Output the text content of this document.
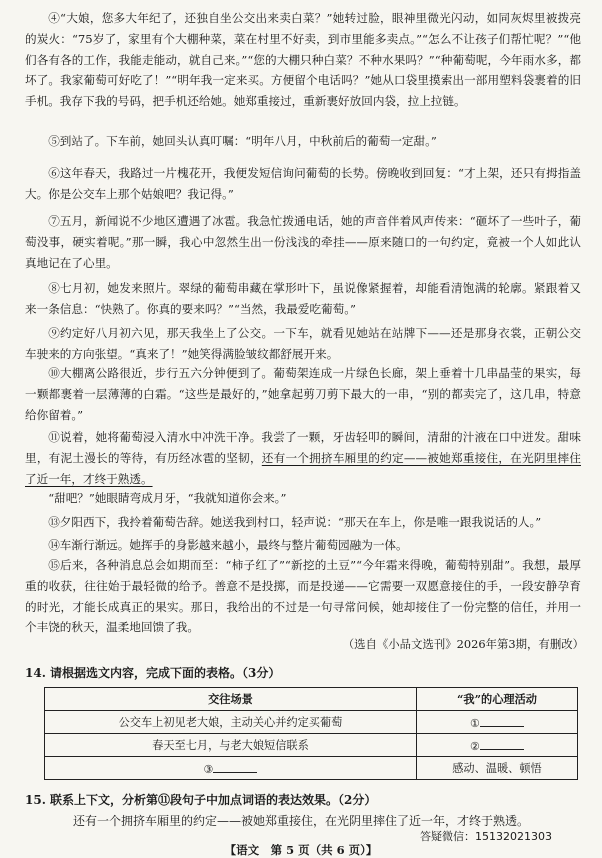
④“大娘，您多大年纪了，还独自坐公交出来卖白菜？”她转过脸，眼神里微光闪动，如同灰烬里被拨亮的炭火：“75岁了，家里有个大棚种菜，菜在村里不好卖，到市里能多卖点。”“怎么不让孩子们帮忙呢？”“他们各有各的工作，我能走能动，就自己来。”“您的大棚只种白菜？不种水果吗？”“种葡萄呢，今年雨水多，都坏了。我家葡萄可好吃了！”“明年我一定来买。方便留个电话吗？”她从口袋里摸索出一部用塑料袋裹着的旧手机。我存下我的号码，把手机还给她。她郑重接过，重新裹好放回内袋，拉上拉链。

⑤到站了。下车前，她回头认真叮嘱：“明年八月，中秋前后的葡萄一定甜。”

⑥这年春天，我路过一片槐花开，我便发短信询问葡萄的长势。傍晚收到回复：“才上架，还只有拇指盖大。你是公交车上那个姑娘吧？我记得。”

⑦五月，新闻说不少地区遭遇了冰雹。我急忙拨通电话，她的声音伴着风声传来：“砸坏了一些叶子，葡萄没事，硬实着呢。”那一瞬，我心中忽然生出一份浅浅的牵挂——原来随口的一句约定，竟被一个人如此认真地记在了心里。

⑧七月初，她发来照片。翠绿的葡萄串藏在掌形叶下，虽说像紧握着，却能看清饱满的轮廓。紧跟着又来一条信息：“快熟了。你真的要来吗？”“当然，我最爱吃葡萄。”

⑨约定好八月初六见，那天我坐上了公交。一下车，就看见她站在站牌下——还是那身衣裳，正朝公交车驶来的方向张望。“真来了！”她笑得满脸皱纹都舒展开来。

⑩大棚离公路很近，步行五六分钟便到了。葡萄架连成一片绿色长廊，架上垂着十几串晶莹的果实，每一颗都裹着一层薄薄的白霜。“这些是最好的，”她拿起剪刀剪下最大的一串，“别的都卖完了，这几串，特意给你留着。”

⑪说着，她将葡萄浸入清水中冲洗干净。我尝了一颗，牙齿轻叩的瞬间，清甜的汁液在口中迸发。甜味里，有泥土漫长的等待，有历经冰雹的坚韧，还有一个拥挤车厢里的约定——被她郑重接住，在光阴里摔住了近一年，才终于熟透。

“甜吧？”她眼睛弯成月牙，“我就知道你会来。”

⑬夕阳西下，我拎着葡萄告辞。她送我到村口，轻声说：“那天在车上，你是唯一跟我说话的人。”

⑭车渐行渐远。她挥手的身影越来越小，最终与整片葡萄园融为一体。

⑮后来，各种消息总会如期而至：“柿子红了”“新挖的土豆”“今年霜来得晚，葡萄特别甜”。我想，最厚重的收获，往往始于最轻微的给予。善意不是投掷，而是投递——它需要一双愿意接住的手，一段安静孕育的时光，才能长成真正的果实。那日，我给出的不过是一句寻常问候，她却接住了一份完整的信任，并用一个丰饶的秋天，温柔地回馈了我。

（选自《小品文选刊》2026年第3期，有删改）
14. 请根据选文内容，完成下面的表格。（3分）
交往场景	“我”的心理活动
公交车上初见老大娘，主动关心并约定买葡萄	①
春天至七月，与老大娘短信联系	②
③	感动、温暖、顿悟
15. 联系上下文，分析第⑪段句子中加点词语的表达效果。（2分）
还有一个拥挤车厢里的约定——被她郑重接住，在光阴里摔住了近一年，才终于熟透。
答疑微信：15132021303
【语文　第 5 页（共 6 页）】
